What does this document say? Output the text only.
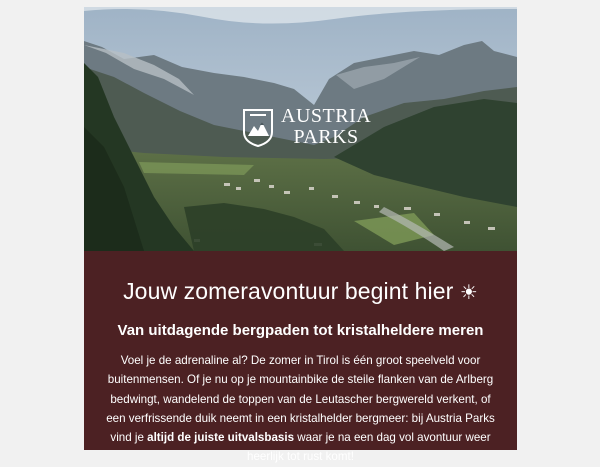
AUSTRIA
PARKS
Jouw zomeravontuur begint hier ☀
Van uitdagende bergpaden tot kristalheldere meren

Voel je de adrenaline al? De zomer in Tirol is één groot speelveld voor buitenmensen. Of je nu op je mountainbike de steile flanken van de Arlberg bedwingt, wandelend de toppen van de Leutascher bergwereld verkent, of een verfrissende duik neemt in een kristalhelder bergmeer: bij Austria Parks vind je altijd de juiste uitvalsbasis waar je na een dag vol avontuur weer heerlijk tot rust komt!
